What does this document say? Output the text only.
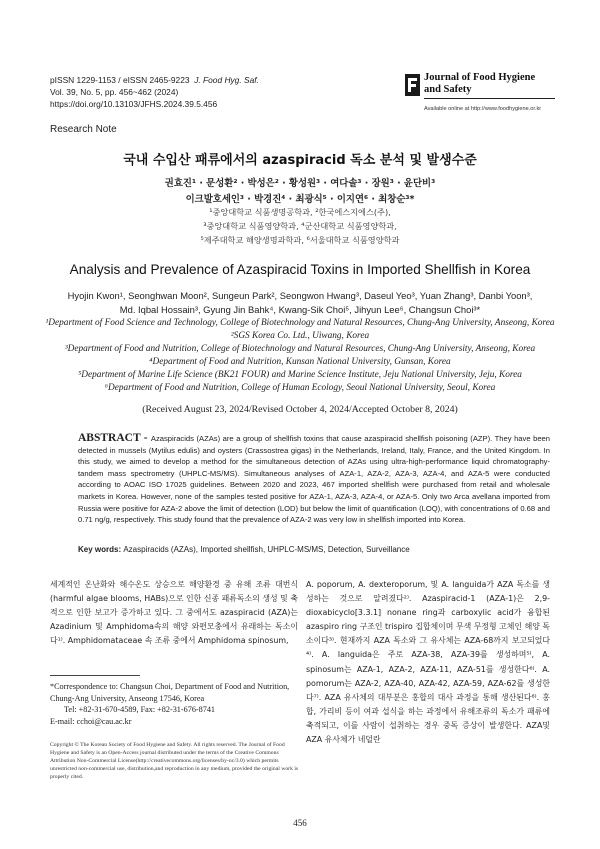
pISSN 1229-1153 / eISSN 2465-9223 J. Food Hyg. Saf.
Vol. 39, No. 5, pp. 456~462 (2024)
https://doi.org/10.13103/JFHS.2024.39.5.456
Journal of Food Hygiene
and Safety
Available online at http://www.foodhygiene.or.kr
Research Note
국내 수입산 패류에서의 azaspiracid 독소 분석 및 발생수준
권효진¹ · 문성환² · 박성은² · 황성원³ · 여다솔³ · 장원³ · 윤단비³
이크발호세인³ · 박경진⁴ · 최광식⁵ · 이지연⁶ · 최창순³*
¹중앙대학교 식품생명공학과, ²한국에스지에스(주),
³중앙대학교 식품영양학과, ⁴군산대학교 식품영양학과,
⁵제주대학교 해양생명과학과, ⁶서울대학교 식품영양학과
Analysis and Prevalence of Azaspiracid Toxins in Imported Shellfish in Korea
Hyojin Kwon¹, Seonghwan Moon², Sungeun Park², Seongwon Hwang³, Daseul Yeo³, Yuan Zhang³, Danbi Yoon³,
Md. Iqbal Hossain³, Gyung Jin Bahk⁴, Kwang-Sik Choi⁵, Jihyun Lee⁶, Changsun Choi³*
¹Department of Food Science and Technology, College of Biotechnology and Natural Resources, Chung-Ang University, Anseong, Korea
²SGS Korea Co. Ltd., Uiwang, Korea
³Department of Food and Nutrition, College of Biotechnology and Natural Resources, Chung-Ang University, Anseong, Korea
⁴Department of Food and Nutrition, Kunsan National University, Gunsan, Korea
⁵Department of Marine Life Science (BK21 FOUR) and Marine Science Institute, Jeju National University, Jeju, Korea
⁶Department of Food and Nutrition, College of Human Ecology, Seoul National University, Seoul, Korea
(Received August 23, 2024/Revised October 4, 2024/Accepted October 8, 2024)
ABSTRACT - Azaspiracids (AZAs) are a group of shellfish toxins that cause azaspiracid shellfish poisoning (AZP). They have been detected in mussels (Mytilus edulis) and oysters (Crassostrea gigas) in the Netherlands, Ireland, Italy, France, and the United Kingdom. In this study, we aimed to develop a method for the simultaneous detection of AZAs using ultra-high-performance liquid chromatography-tandem mass spectrometry (UHPLC-MS/MS). Simultaneous analyses of AZA-1, AZA-2, AZA-3, AZA-4, and AZA-5 were conducted according to AOAC ISO 17025 guidelines. Between 2020 and 2023, 467 imported shellfish were purchased from retail and wholesale markets in Korea. However, none of the samples tested positive for AZA-1, AZA-3, AZA-4, or AZA-5. Only two Arca avellana imported from Russia were positive for AZA-2 above the limit of detection (LOD) but below the limit of quantification (LOQ), with concentrations of 0.68 and 0.71 ng/g, respectively. This study found that the prevalence of AZA-2 was very low in shellfish imported into Korea.
Key words: Azaspiracids (AZAs), Imported shellfish, UHPLC-MS/MS, Detection, Surveillance
세계적인 온난화와 해수온도 상승으로 해양환경 중 유해 조류 대번식(harmful algae blooms, HABs)으로 인한 신종 패류독소의 생성 및 축적으로 인한 보고가 증가하고 있다. 그 중에서도 azaspiracid (AZA)는 Azadinium 및 Amphidoma속의 해양 와편모충에서 유래하는 독소이다¹⁾. Amphidomataceae 속 조류 중에서 Amphidoma spinosum,
A. poporum, A. dexteroporum, 및 A. languida가 AZA 독소를 생성하는 것으로 알려졌다²⁾. Azaspiracid-1 (AZA-1)은 2,9-dioxabicyclo[3.3.1] nonane ring과 carboxylic acid가 융합된 azaspiro ring 구조인 trispiro 집합체이며 무색 무정형 고체인 해양 독소이다³⁾. 현재까지 AZA 독소와 그 유사체는 AZA-68까지 보고되었다⁴⁾. A. languida은 주로 AZA-38, AZA-39를 생성하며⁵⁾, A. spinosum는 AZA-1, AZA-2, AZA-11, AZA-51를 생성한다⁶⁾. A. pomorum는 AZA-2, AZA-40, AZA-42, AZA-59, AZA-62를 생성한다⁷⁾. AZA 유사체의 대부분은 홍합의 대사 과정을 통해 생산된다⁸⁾. 홍합, 가리비 등이 여과 섭식을 하는 과정에서 유해조류의 독소가 패류에 축적되고, 이를 사람이 섭취하는 경우 중독 증상이 발생한다. AZA및 AZA 유사체가 네덜란
*Correspondence to: Changsun Choi, Department of Food and Nutrition, Chung-Ang University, Anseong 17546, Korea
Tel: +82-31-670-4589, Fax: +82-31-676-8741
E-mail: cchoi@cau.ac.kr
Copyright © The Korean Society of Food Hygiene and Safety. All rights reserved. The Journal of Food Hygiene and Safety is an Open-Access journal distributed under the terms of the Creative Commons Attribution Non-Commercial License(http://creativecommons.org/licenses/by-nc/3.0) which permits unrestricted non-commercial use, distribution,and reproduction in any medium, provided the original work is properly cited.
456
